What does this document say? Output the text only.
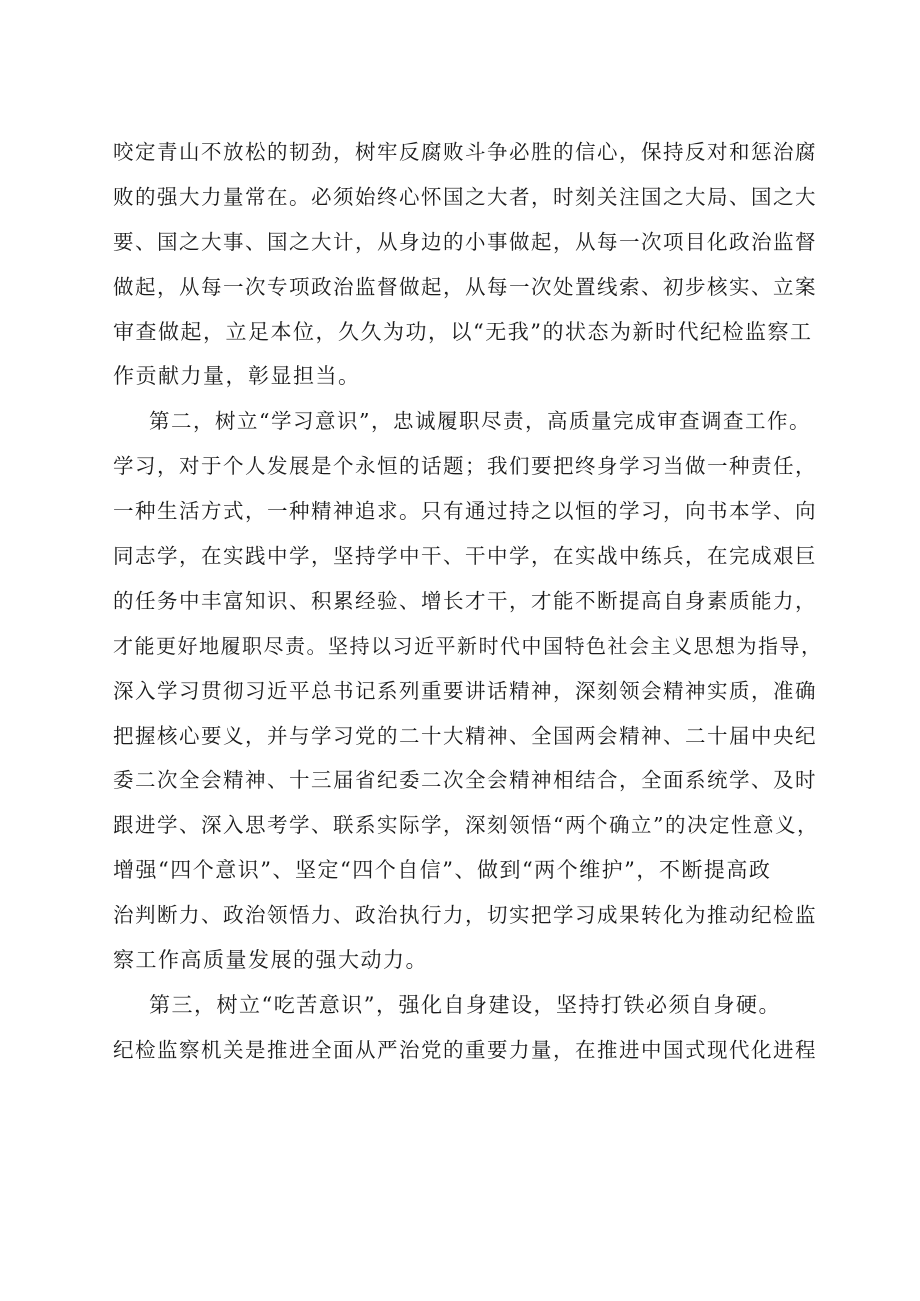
咬定青山不放松的韧劲，树牢反腐败斗争必胜的信心，保持反对和惩治腐
败的强大力量常在。必须始终心怀国之大者，时刻关注国之大局、国之大
要、国之大事、国之大计，从身边的小事做起，从每一次项目化政治监督
做起，从每一次专项政治监督做起，从每一次处置线索、初步核实、立案
审查做起，立足本位，久久为功，以“无我”的状态为新时代纪检监察工
作贡献力量，彰显担当。
第二，树立“学习意识”，忠诚履职尽责，高质量完成审查调查工作。
学习，对于个人发展是个永恒的话题；我们要把终身学习当做一种责任，
一种生活方式，一种精神追求。只有通过持之以恒的学习，向书本学、向
同志学，在实践中学，坚持学中干、干中学，在实战中练兵，在完成艰巨
的任务中丰富知识、积累经验、增长才干，才能不断提高自身素质能力，
才能更好地履职尽责。坚持以习近平新时代中国特色社会主义思想为指导，
深入学习贯彻习近平总书记系列重要讲话精神，深刻领会精神实质，准确
把握核心要义，并与学习党的二十大精神、全国两会精神、二十届中央纪
委二次全会精神、十三届省纪委二次全会精神相结合，全面系统学、及时
跟进学、深入思考学、联系实际学，深刻领悟“两个确立”的决定性意义，
增强“四个意识”、坚定“四个自信”、做到“两个维护”，不断提高政
治判断力、政治领悟力、政治执行力，切实把学习成果转化为推动纪检监
察工作高质量发展的强大动力。
第三，树立“吃苦意识”，强化自身建设，坚持打铁必须自身硬。
纪检监察机关是推进全面从严治党的重要力量，在推进中国式现代化进程
